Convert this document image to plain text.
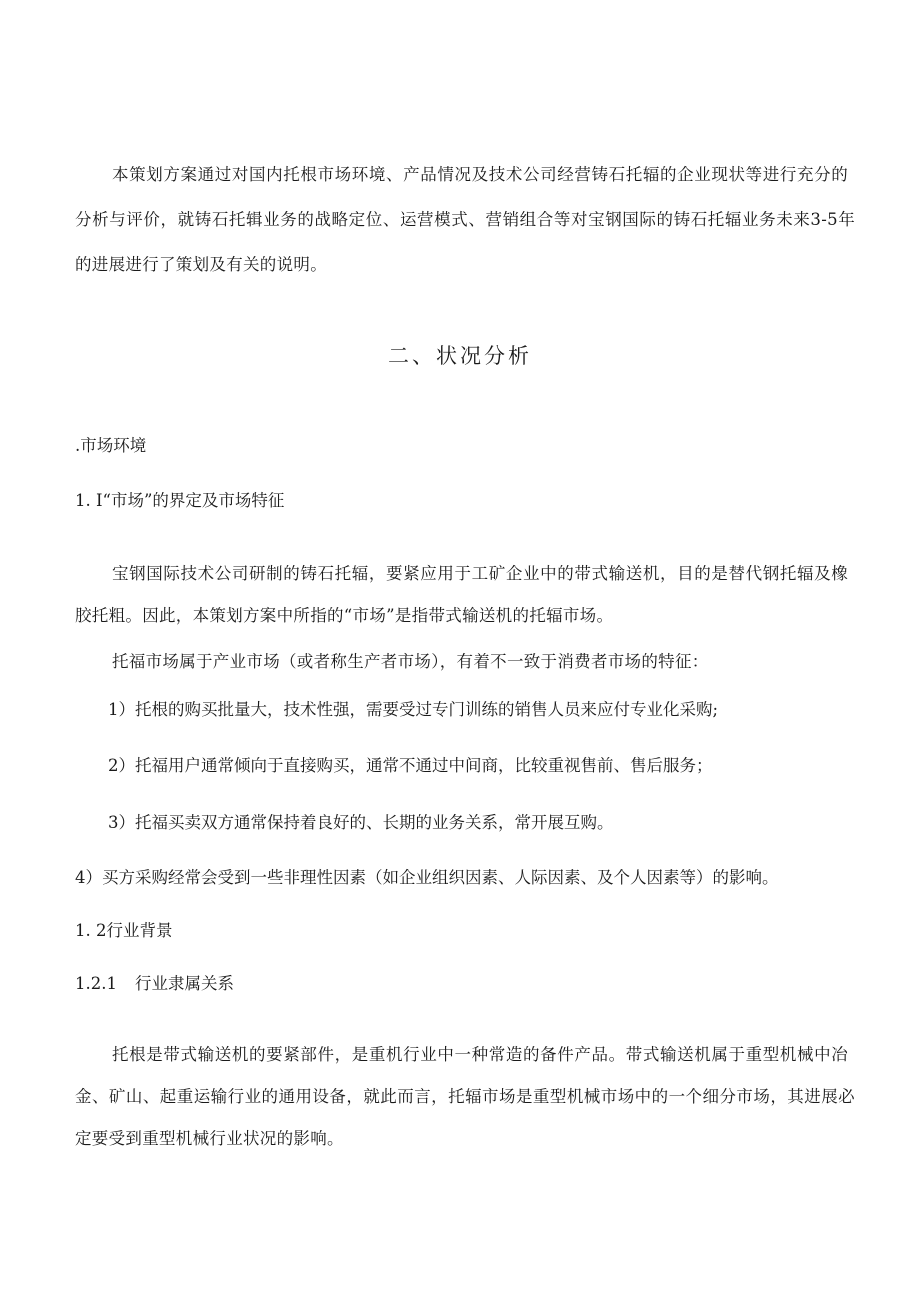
本策划方案通过对国内托根市场环境、产品情况及技术公司经营铸石托辐的企业现状等进行充分的
分析与评价，就铸石托辑业务的战略定位、运营模式、营销组合等对宝钢国际的铸石托辐业务未来3-5年
的进展进行了策划及有关的说明。
二、状况分析
.市场环境
1. I“市场”的界定及市场特征
宝钢国际技术公司研制的铸石托辐，要紧应用于工矿企业中的带式输送机，目的是替代钢托辐及橡
胶托粗。因此，本策划方案中所指的“市场”是指带式输送机的托辐市场。
托福市场属于产业市场（或者称生产者市场），有着不一致于消费者市场的特征：
1）托根的购买批量大，技术性强，需要受过专门训练的销售人员来应付专业化采购;
2）托福用户通常倾向于直接购买，通常不通过中间商，比较重视售前、售后服务；
3）托福买卖双方通常保持着良好的、长期的业务关系，常开展互购。
4）买方采购经常会受到一些非理性因素（如企业组织因素、人际因素、及个人因素等）的影响。
1. 2行业背景
1.2.1 行业隶属关系
托根是带式输送机的要紧部件，是重机行业中一种常造的备件产品。带式输送机属于重型机械中冶
金、矿山、起重运输行业的通用设备，就此而言，托辐市场是重型机械市场中的一个细分市场，其进展必
定要受到重型机械行业状况的影响。
